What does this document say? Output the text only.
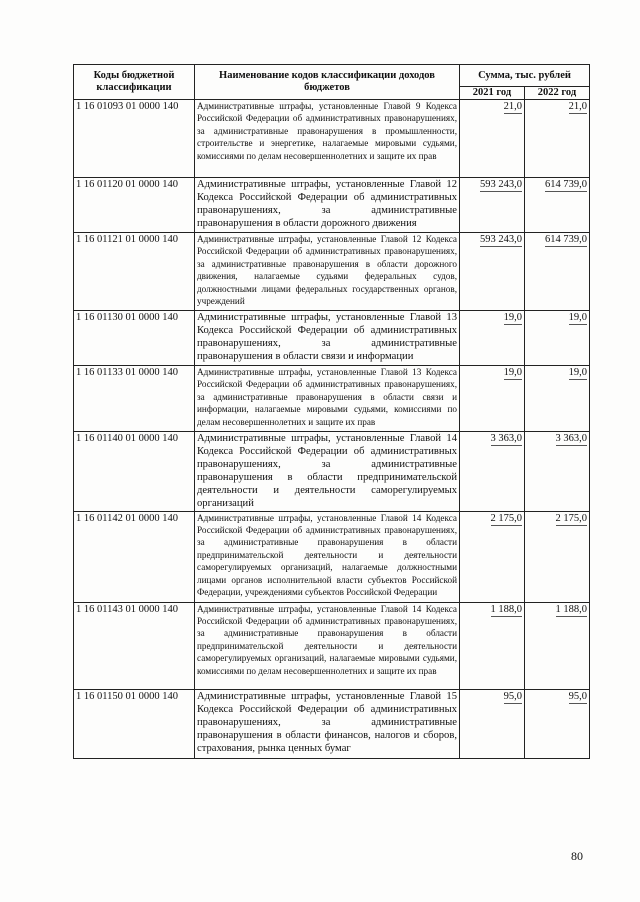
Коды бюджетной классификации	Наименование кодов классификации доходов бюджетов	Сумма, тыс. рублей	
		2021 год	2022 год
1 16 01093 01 0000 140	Административные штрафы, установленные Главой 9 Кодекса Российской Федерации об административных правонарушениях, за административные правонарушения в промышленности, строительстве и энергетике, налагаемые мировыми судьями, комиссиями по делам несовершеннолетних и защите их прав	21,0	21,0
1 16 01120 01 0000 140	Административные штрафы, установленные Главой 12 Кодекса Российской Федерации об административных правонарушениях, за административные правонарушения в области дорожного движения	593 243,0	614 739,0
1 16 01121 01 0000 140	Административные штрафы, установленные Главой 12 Кодекса Российской Федерации об административных правонарушениях, за административные правонарушения в области дорожного движения, налагаемые судьями федеральных судов, должностными лицами федеральных государственных органов, учреждений	593 243,0	614 739,0
1 16 01130 01 0000 140	Административные штрафы, установленные Главой 13 Кодекса Российской Федерации об административных правонарушениях, за административные правонарушения в области связи и информации	19,0	19,0
1 16 01133 01 0000 140	Административные штрафы, установленные Главой 13 Кодекса Российской Федерации об административных правонарушениях, за административные правонарушения в области связи и информации, налагаемые мировыми судьями, комиссиями по делам несовершеннолетних и защите их прав	19,0	19,0
1 16 01140 01 0000 140	Административные штрафы, установленные Главой 14 Кодекса Российской Федерации об административных правонарушениях, за административные правонарушения в области предпринимательской деятельности и деятельности саморегулируемых организаций	3 363,0	3 363,0
1 16 01142 01 0000 140	Административные штрафы, установленные Главой 14 Кодекса Российской Федерации об административных правонарушениях, за административные правонарушения в области предпринимательской деятельности и деятельности саморегулируемых организаций, налагаемые должностными лицами органов исполнительной власти субъектов Российской Федерации, учреждениями субъектов Российской Федерации	2 175,0	2 175,0
1 16 01143 01 0000 140	Административные штрафы, установленные Главой 14 Кодекса Российской Федерации об административных правонарушениях, за административные правонарушения в области предпринимательской деятельности и деятельности саморегулируемых организаций, налагаемые мировыми судьями, комиссиями по делам несовершеннолетних и защите их прав	1 188,0	1 188,0
1 16 01150 01 0000 140	Административные штрафы, установленные Главой 15 Кодекса Российской Федерации об административных правонарушениях, за административные правонарушения в области финансов, налогов и сборов, страхования, рынка ценных бумаг	95,0	95,0
80
